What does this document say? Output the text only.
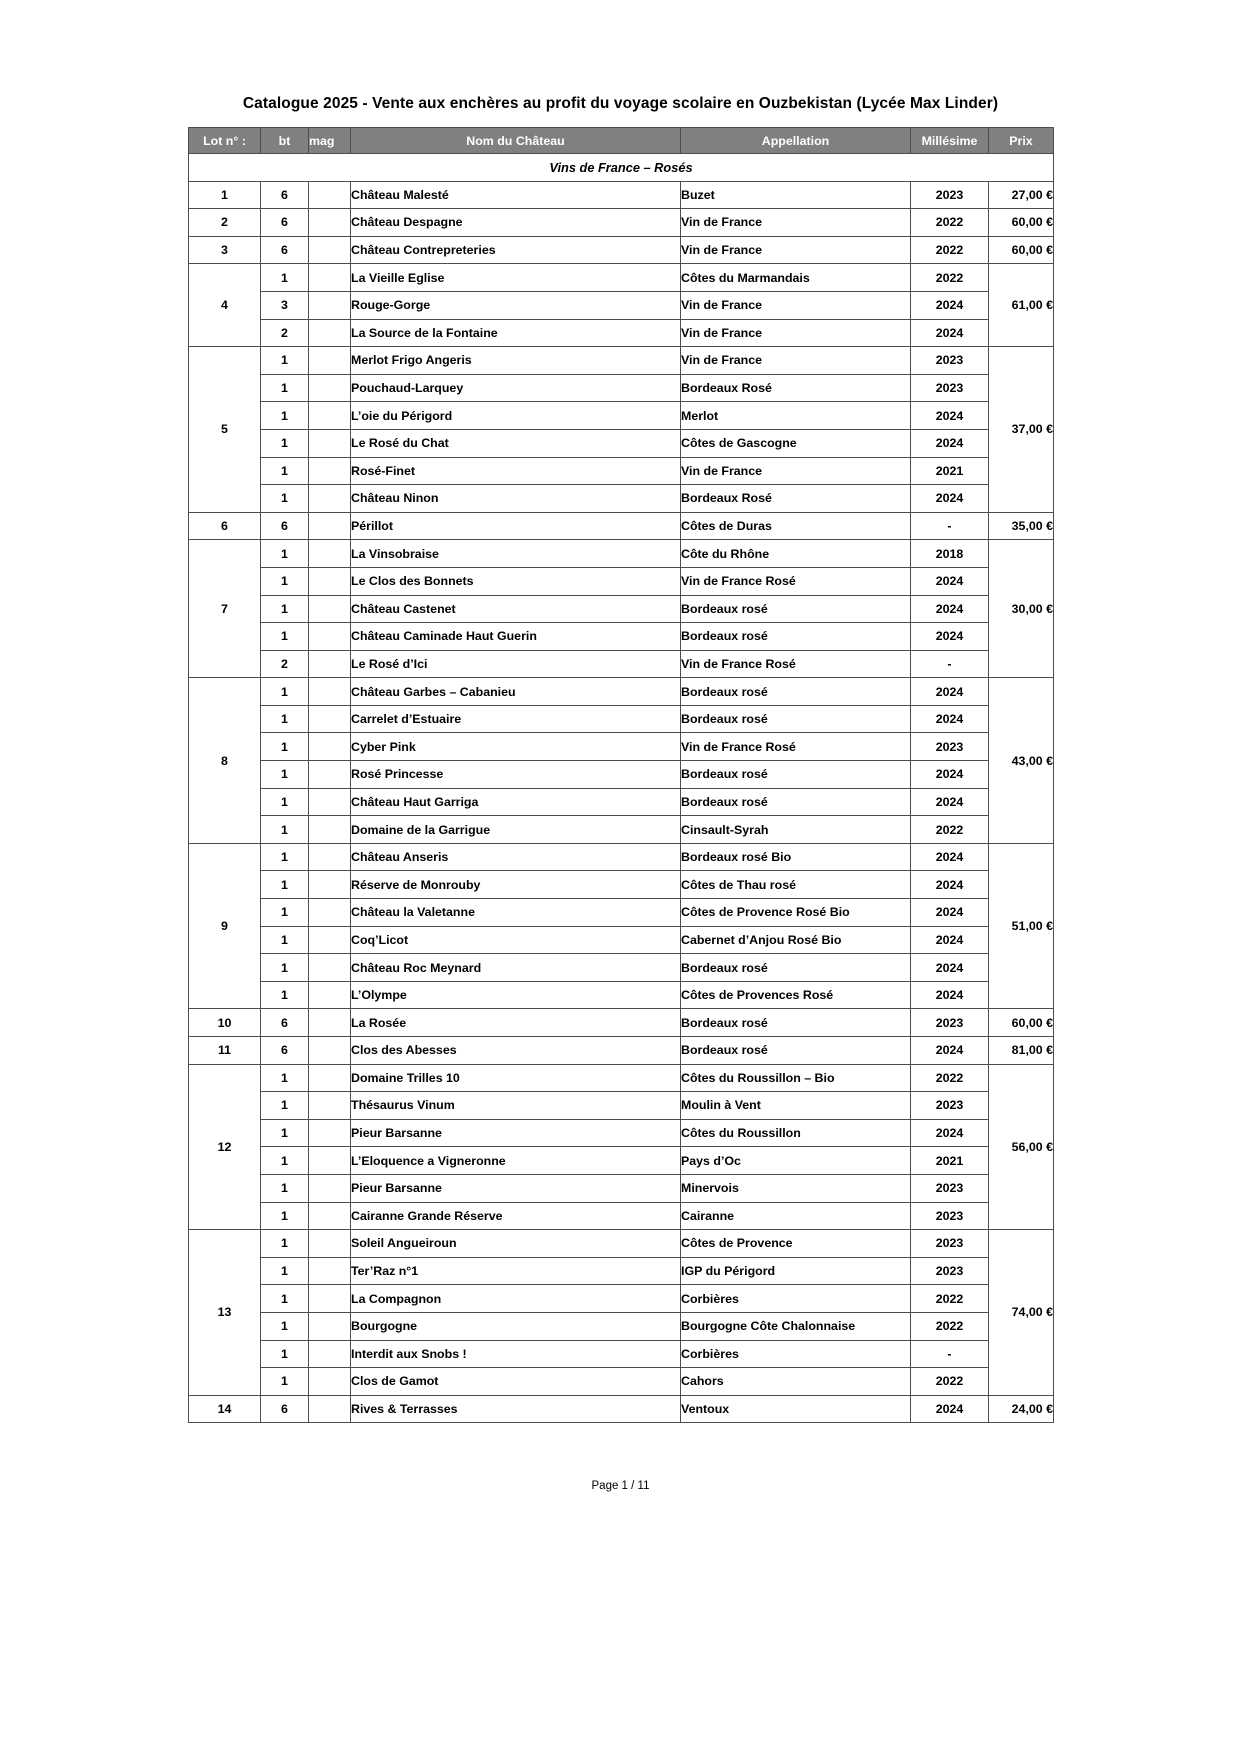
Catalogue 2025 - Vente aux enchères au profit du voyage scolaire en Ouzbekistan (Lycée Max Linder)
Lot n° :	bt	mag	Nom du Château	Appellation	Millésime	Prix
Vins de France – Rosés						
1	6		Château Malesté	Buzet	2023	27,00 €
2	6		Château Despagne	Vin de France	2022	60,00 €
3	6		Château Contrepreteries	Vin de France	2022	60,00 €
4	1		La Vieille Eglise	Côtes du Marmandais	2022	61,00 €
	3		Rouge-Gorge	Vin de France	2024	
	2		La Source de la Fontaine	Vin de France	2024	
5	1		Merlot Frigo Angeris	Vin de France	2023	37,00 €
	1		Pouchaud-Larquey	Bordeaux Rosé	2023	
	1		L’oie du Périgord	Merlot	2024	
	1		Le Rosé du Chat	Côtes de Gascogne	2024	
	1		Rosé-Finet	Vin de France	2021	
	1		Château Ninon	Bordeaux Rosé	2024	
6	6		Périllot	Côtes de Duras	-	35,00 €
7	1		La Vinsobraise	Côte du Rhône	2018	30,00 €
	1		Le Clos des Bonnets	Vin de France Rosé	2024	
	1		Château Castenet	Bordeaux rosé	2024	
	1		Château Caminade Haut Guerin	Bordeaux rosé	2024	
	2		Le Rosé d’Ici	Vin de France Rosé	-	
8	1		Château Garbes – Cabanieu	Bordeaux rosé	2024	43,00 €
	1		Carrelet d’Estuaire	Bordeaux rosé	2024	
	1		Cyber Pink	Vin de France Rosé	2023	
	1		Rosé Princesse	Bordeaux rosé	2024	
	1		Château Haut Garriga	Bordeaux rosé	2024	
	1		Domaine de la Garrigue	Cinsault-Syrah	2022	
9	1		Château Anseris	Bordeaux rosé Bio	2024	51,00 €
	1		Réserve de Monrouby	Côtes de Thau rosé	2024	
	1		Château la Valetanne	Côtes de Provence Rosé Bio	2024	
	1		Coq’Licot	Cabernet d’Anjou Rosé Bio	2024	
	1		Château Roc Meynard	Bordeaux rosé	2024	
	1		L’Olympe	Côtes de Provences Rosé	2024	
10	6		La Rosée	Bordeaux rosé	2023	60,00 €
11	6		Clos des Abesses	Bordeaux rosé	2024	81,00 €
12	1		Domaine Trilles 10	Côtes du Roussillon – Bio	2022	56,00 €
	1		Thésaurus Vinum	Moulin à Vent	2023	
	1		Pieur Barsanne	Côtes du Roussillon	2024	
	1		L’Eloquence a Vigneronne	Pays d’Oc	2021	
	1		Pieur Barsanne	Minervois	2023	
	1		Cairanne Grande Réserve	Cairanne	2023	
13	1		Soleil Angueiroun	Côtes de Provence	2023	74,00 €
	1		Ter’Raz n°1	IGP du Périgord	2023	
	1		La Compagnon	Corbières	2022	
	1		Bourgogne	Bourgogne Côte Chalonnaise	2022	
	1		Interdit aux Snobs !	Corbières	-	
	1		Clos de Gamot	Cahors	2022	
14	6		Rives & Terrasses	Ventoux	2024	24,00 €
Page 1 / 11
